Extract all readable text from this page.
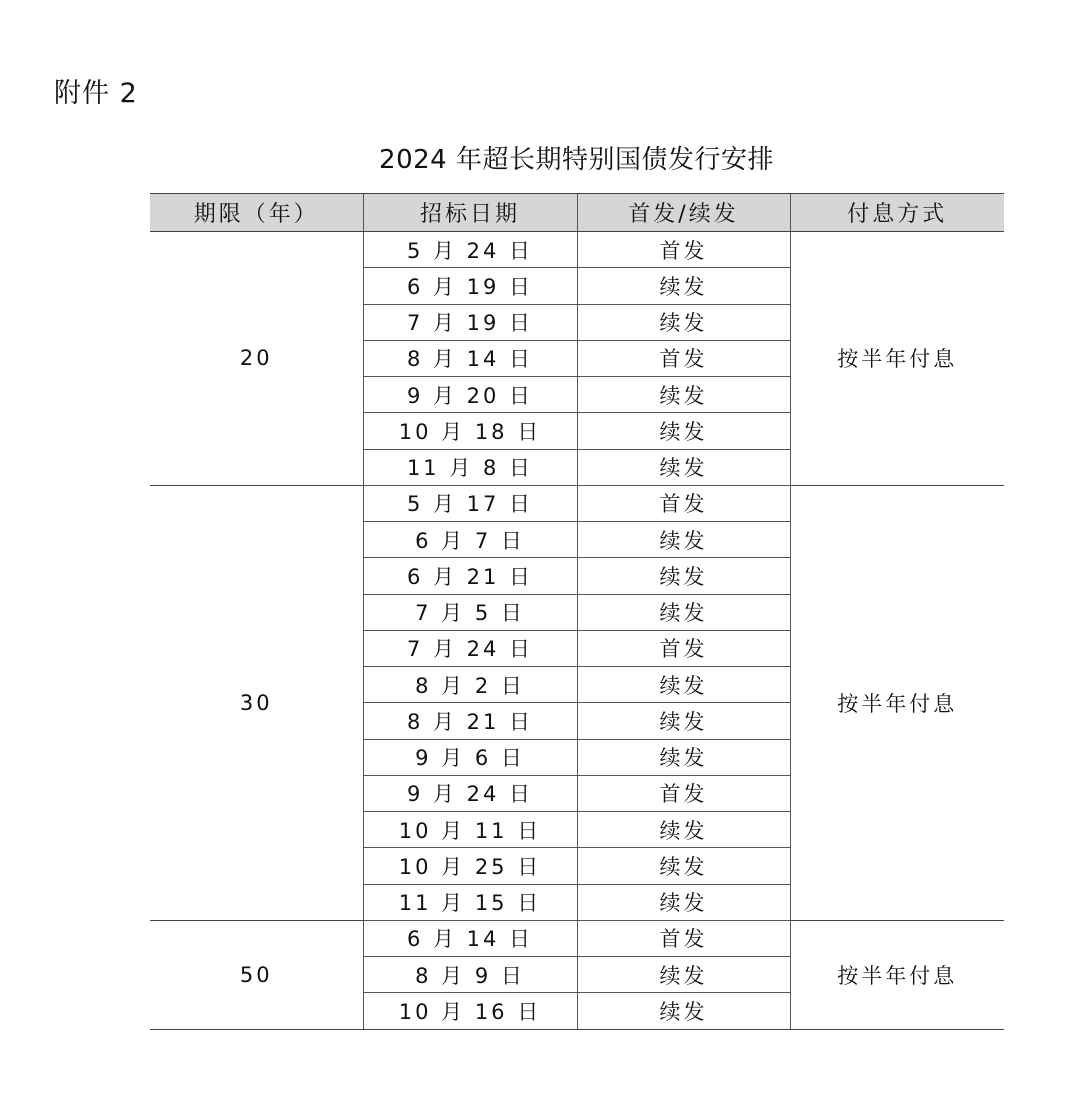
附件 2
2024 年超长期特别国债发行安排
期限（年）	招标日期	首发/续发	付息方式
20	5 月 24 日	首发	按半年付息
	6 月 19 日	续发	
	7 月 19 日	续发	
	8 月 14 日	首发	
	9 月 20 日	续发	
	10 月 18 日	续发	
	11 月 8 日	续发	
30	5 月 17 日	首发	按半年付息
	6 月 7 日	续发	
	6 月 21 日	续发	
	7 月 5 日	续发	
	7 月 24 日	首发	
	8 月 2 日	续发	
	8 月 21 日	续发	
	9 月 6 日	续发	
	9 月 24 日	首发	
	10 月 11 日	续发	
	10 月 25 日	续发	
	11 月 15 日	续发	
50	6 月 14 日	首发	按半年付息
	8 月 9 日	续发	
	10 月 16 日	续发	
